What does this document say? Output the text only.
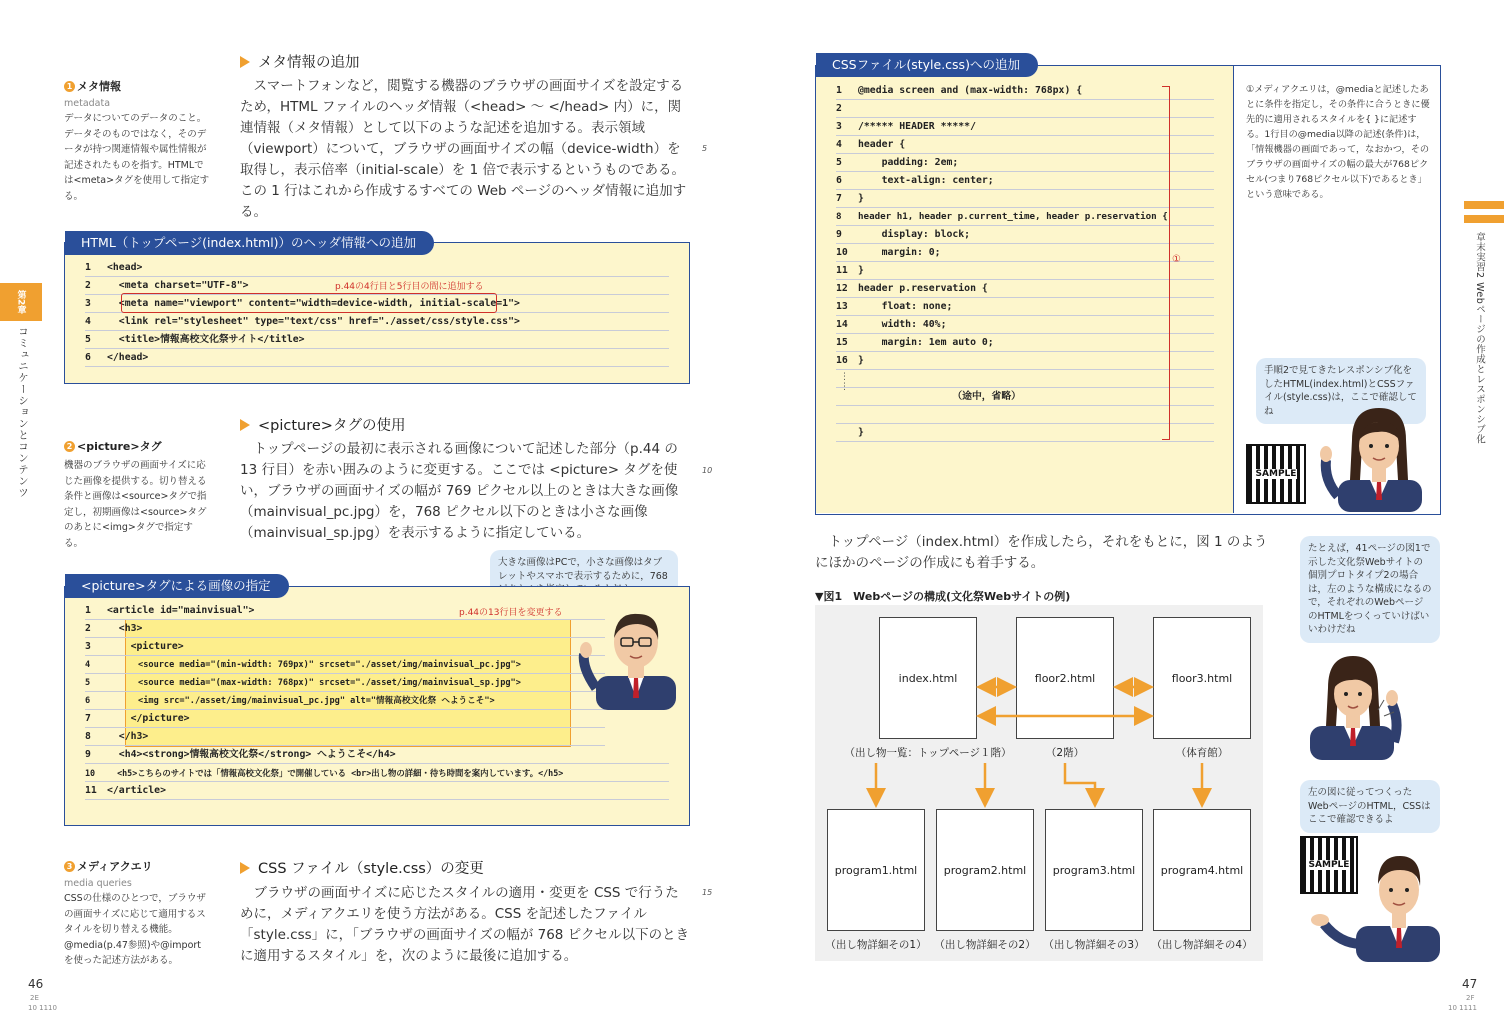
第2章
コミュニケーションとコンテンツ
メタ情報の追加

スマートフォンなど，閲覧する機器のブラウザの画面サイズを設定するため，HTML ファイルのヘッダ情報（<head> ～ </head> 内）に，関連情報（メタ情報）として以下のような記述を追加する。表示領域（viewport）について，ブラウザの画面サイズの幅（device-width）を取得し，表示倍率（initial-scale）を 1 倍で表示するというものである。この 1 行はこれから作成するすべての Web ページのヘッダ情報に追加する。

5
1 メタ情報
metadata
データについてのデータのこと。データそのものではなく，そのデータが持つ関連情報や属性情報が記述されたものを指す。HTMLでは<meta>タグを使用して指定する。
HTML（トップページ(index.html)）のヘッダ情報への追加
1 <head>
2  <meta charset="UTF-8">
3  <meta name="viewport" content="width=device-width, initial-scale=1">
4  <link rel="stylesheet" type="text/css" href="./asset/css/style.css">
5  <title>情報高校文化祭サイト</title>
6 </head>
p.44の4行目と5行目の間に追加する
2 <picture>タグ
機器のブラウザの画面サイズに応じた画像を提供する。切り替える条件と画像は<source>タグで指定し，初期画像は<source>タグのあとに<img>タグで指定する。
<picture>タグの使用

トップページの最初に表示される画像について記述した部分（p.44 の 13 行目）を赤い囲みのように変更する。ここでは <picture> タグを使い，ブラウザの画面サイズの幅が 769 ピクセル以上のときは大きな画像（mainvisual_pc.jpg）を，768 ピクセル以下のときは小さな画像（mainvisual_sp.jpg）を表示するように指定している。

10
大きな画像はPCで，小さな画像はタブレットやスマホで表示するために，768
<picture>タグによる画像の指定
1 <article id="mainvisual">
2  <h3>
3    <picture>
4      <source media="(min-width: 769px)" srcset="./asset/img/mainvisual_pc.jpg">
5      <source media="(max-width: 768px)" srcset="./asset/img/mainvisual_sp.jpg">
6      <img src="./asset/img/mainvisual_pc.jpg" alt="情報高校文化祭 へようこそ">
7    </picture>
8  </h3>
9  <h4><strong>情報高校文化祭</strong> へようこそ</h4>
10  <h5>こちらのサイトでは「情報高校文化祭」で開催している <br>出し物の詳細・待ち時間を案内しています。</h5>
11 </article>
p.44の13行目を変更する
3 メディアクエリ
media queries
CSSの仕様のひとつで，ブラウザの画面サイズに応じて適用するスタイルを切り替える機能。@media(p.47参照)や@importを使った記述方法がある。
CSS ファイル（style.css）の変更

ブラウザの画面サイズに応じたスタイルの適用・変更を CSS で行うために，メディアクエリを使う方法がある。CSS を記述したファイル「style.css」に，「ブラウザの画面サイズの幅が 768 ピクセル以下のときに適用するスタイル」を，次のように最後に追加する。

15
46
2E
10 1110
章末実習2 Webページの作成とレスポンシブ化
CSSファイル(style.css)への追加
1 @media screen and (max-width: 768px) {
2
3 /***** HEADER *****/
4 header {
5    padding: 2em;
6    text-align: center;
7 }
8 header h1, header p.current_time, header p.reservation {
9    display: block;
10    margin: 0;
11 }
12 header p.reservation {
13    float: none;
14    width: 40%;
15    margin: 1em auto 0;
16 }
（途中，省略）
}
⋮
⋮
①
①メディアクエリは，@mediaと記述したあとに条件を指定し，その条件に合うときに優先的に適用されるスタイルを{ }に記述する。1行目の@media以降の記述(条件)は，「情報機器の画面であって，なおかつ，そのブラウザの画面サイズの幅の最大が768ピクセル(つまり768ピクセル以下)であるとき」という意味である。
手順2で見てきたレスポンシブ化をしたHTML(index.html)とCSSファイル(style.css)は，ここで確認してね
SAMPLE

トップページ（index.html）を作成したら，それをもとに，図 1 のようにほかのページの作成にも着手する。

▼図1　Webページの構成(文化祭Webサイトの例)
index.html	floor2.html	floor3.html
（出し物一覧：トップページ１階）	（2階）	（体育館）
program1.html program2.html program3.html program4.html
（出し物詳細その1） （出し物詳細その2） （出し物詳細その3） （出し物詳細その4）
たとえば，41ページの図1で示した文化祭Webサイトの個別プロトタイプ2の場合は，左のような構成になるので，それぞれのWebページのHTMLをつくっていけばいいわけだね
左の図に従ってつくったWebページのHTML，CSSはここで確認できるよ
SAMPLE
47
2F
10 1111
